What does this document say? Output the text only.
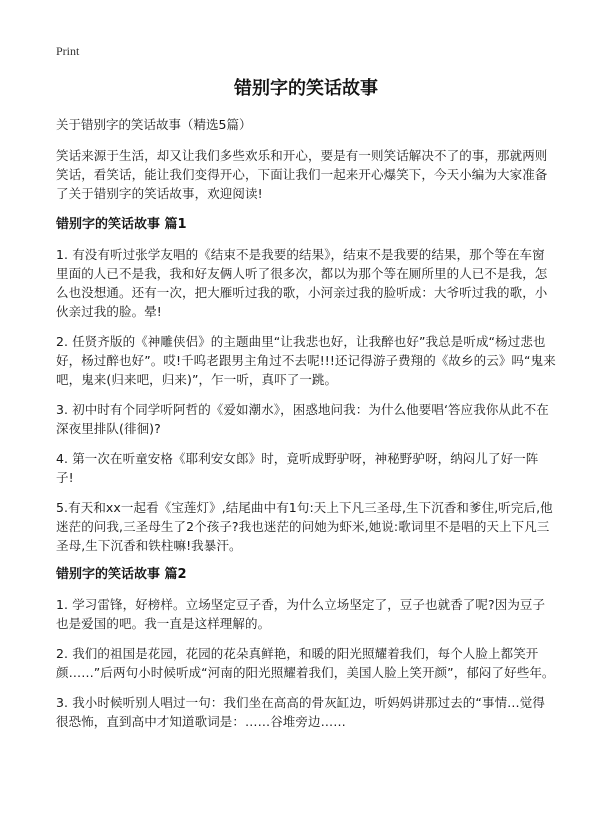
Print
错别字的笑话故事
关于错别字的笑话故事（精选5篇）
笑话来源于生活，却又让我们多些欢乐和开心，要是有一则笑话解决不了的事，那就两则笑话，看笑话，能让我们变得开心，下面让我们一起来开心爆笑下，今天小编为大家准备了关于错别字的笑话故事，欢迎阅读!
错别字的笑话故事 篇1
1. 有没有听过张学友唱的《结束不是我要的结果》，结束不是我要的结果，那个等在车窗里面的人已不是我，我和好友俩人听了很多次，都以为那个等在厕所里的人已不是我，怎么也没想通。还有一次，把大雁听过我的歌，小河亲过我的脸听成：大爷听过我的歌，小伙亲过我的脸。晕!
2. 任贤齐版的《神雕侠侣》的主题曲里“让我悲也好，让我醉也好”我总是听成“杨过悲也好，杨过醉也好”。哎!千呜老跟男主角过不去呢!!!还记得游子费翔的《故乡的云》吗“鬼来吧，鬼来(归来吧，归来)”，乍一听，真吓了一跳。
3. 初中时有个同学听阿哲的《爱如潮水》，困惑地问我：为什么他要唱‘答应我你从此不在深夜里排队(徘徊)?
4. 第一次在听童安格《耶利安女郎》时，竟听成野驴呀，神秘野驴呀，纳闷儿了好一阵子!
5.有天和xx一起看《宝莲灯》,结尾曲中有1句:天上下凡三圣母,生下沉香和爹住,听完后,他迷茫的问我,三圣母生了2个孩子?我也迷茫的问她为虾米,她说:歌词里不是唱的天上下凡三圣母,生下沉香和铁柱嘛!我暴汗。
错别字的笑话故事 篇2
1. 学习雷锋，好榜样。立场坚定豆子香，为什么立场坚定了，豆子也就香了呢?因为豆子也是爱国的吧。我一直是这样理解的。
2. 我们的祖国是花园，花园的花朵真鲜艳，和暖的阳光照耀着我们，每个人脸上都笑开颜……”后两句小时候听成“河南的阳光照耀着我们，美国人脸上笑开颜”，郁闷了好些年。
3. 我小时候听别人唱过一句：我们坐在高高的骨灰缸边，听妈妈讲那过去的“事情…觉得很恐怖，直到高中才知道歌词是：……谷堆旁边……
